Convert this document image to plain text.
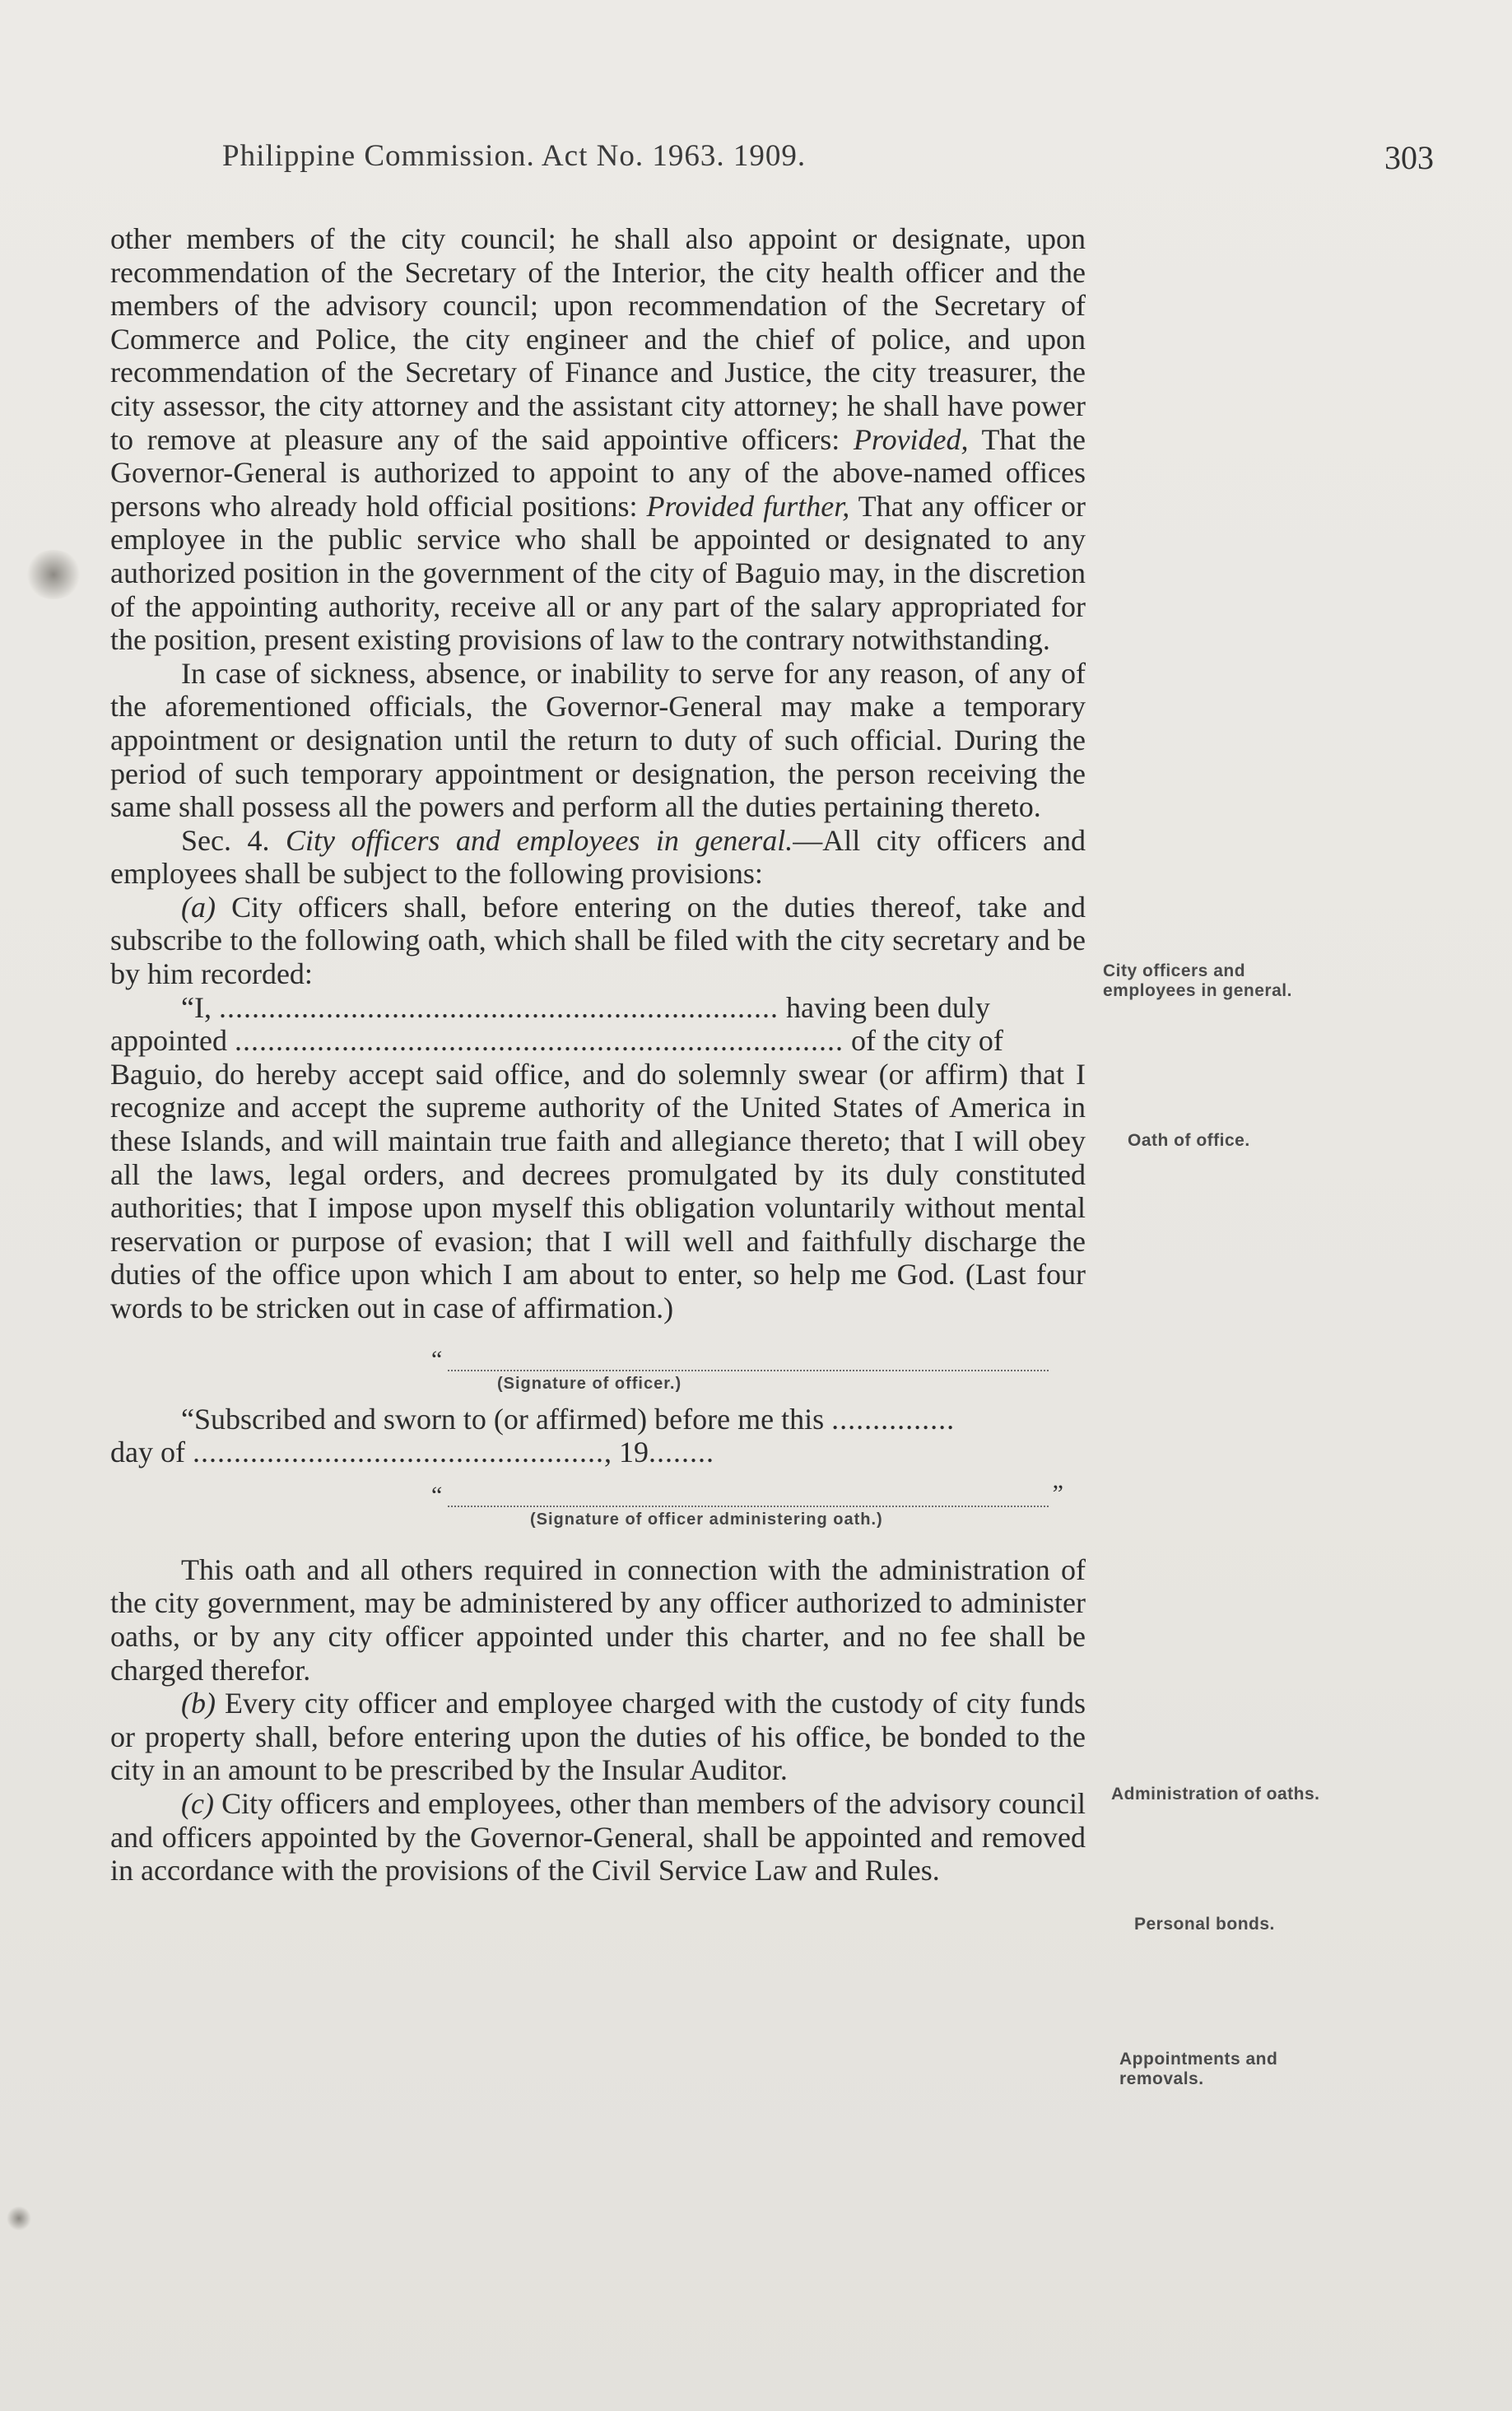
Philippine Commission. Act No. 1963. 1909.	303

other members of the city council; he shall also appoint or designate, upon recommendation of the Secretary of the Interior, the city health officer and the members of the advisory council; upon recommendation of the Secretary of Commerce and Police, the city engineer and the chief of police, and upon recommendation of the Secretary of Finance and Justice, the city treasurer, the city assessor, the city attorney and the assistant city attorney; he shall have power to remove at pleasure any of the said appointive officers: Provided, That the Governor-General is authorized to appoint to any of the above-named offices persons who already hold official positions: Provided further, That any officer or employee in the public service who shall be appointed or designated to any authorized position in the government of the city of Baguio may, in the discretion of the appointing authority, receive all or any part of the salary appropriated for the position, present existing provisions of law to the contrary notwithstanding.

In case of sickness, absence, or inability to serve for any reason, of any of the aforementioned officials, the Governor-General may make a temporary appointment or designation until the return to duty of such official. During the period of such temporary appointment or designation, the person receiving the same shall possess all the powers and perform all the duties pertaining thereto.

Sec. 4. City officers and employees in general.—All city officers and employees shall be subject to the following provisions:

(a) City officers shall, before entering on the duties thereof, take and subscribe to the following oath, which shall be filed with the city secretary and be by him recorded:

“I, .................................................................... having been duly

appointed .......................................................................... of the city of

Baguio, do hereby accept said office, and do solemnly swear (or affirm) that I recognize and accept the supreme authority of the United States of America in these Islands, and will maintain true faith and allegiance thereto; that I will obey all the laws, legal orders, and decrees promulgated by its duly constituted authorities; that I impose upon myself this obligation voluntarily without mental reservation or purpose of evasion; that I will well and faithfully discharge the duties of the office upon which I am about to enter, so help me God. (Last four words to be stricken out in case of affirmation.)

“
(Signature of officer.)

“Subscribed and sworn to (or affirmed) before me this ...............

day of .................................................., 19........

“	”
(Signature of officer administering oath.)

This oath and all others required in connection with the administration of the city government, may be administered by any officer authorized to administer oaths, or by any city officer appointed under this charter, and no fee shall be charged therefor.

(b) Every city officer and employee charged with the custody of city funds or property shall, before entering upon the duties of his office, be bonded to the city in an amount to be prescribed by the Insular Auditor.

(c) City officers and employees, other than members of the advisory council and officers appointed by the Governor-General, shall be appointed and removed in accordance with the provisions of the Civil Service Law and Rules.

City officers and employees in general.
Oath of office.
Administration of oaths.
Personal bonds.
Appointments and removals.
